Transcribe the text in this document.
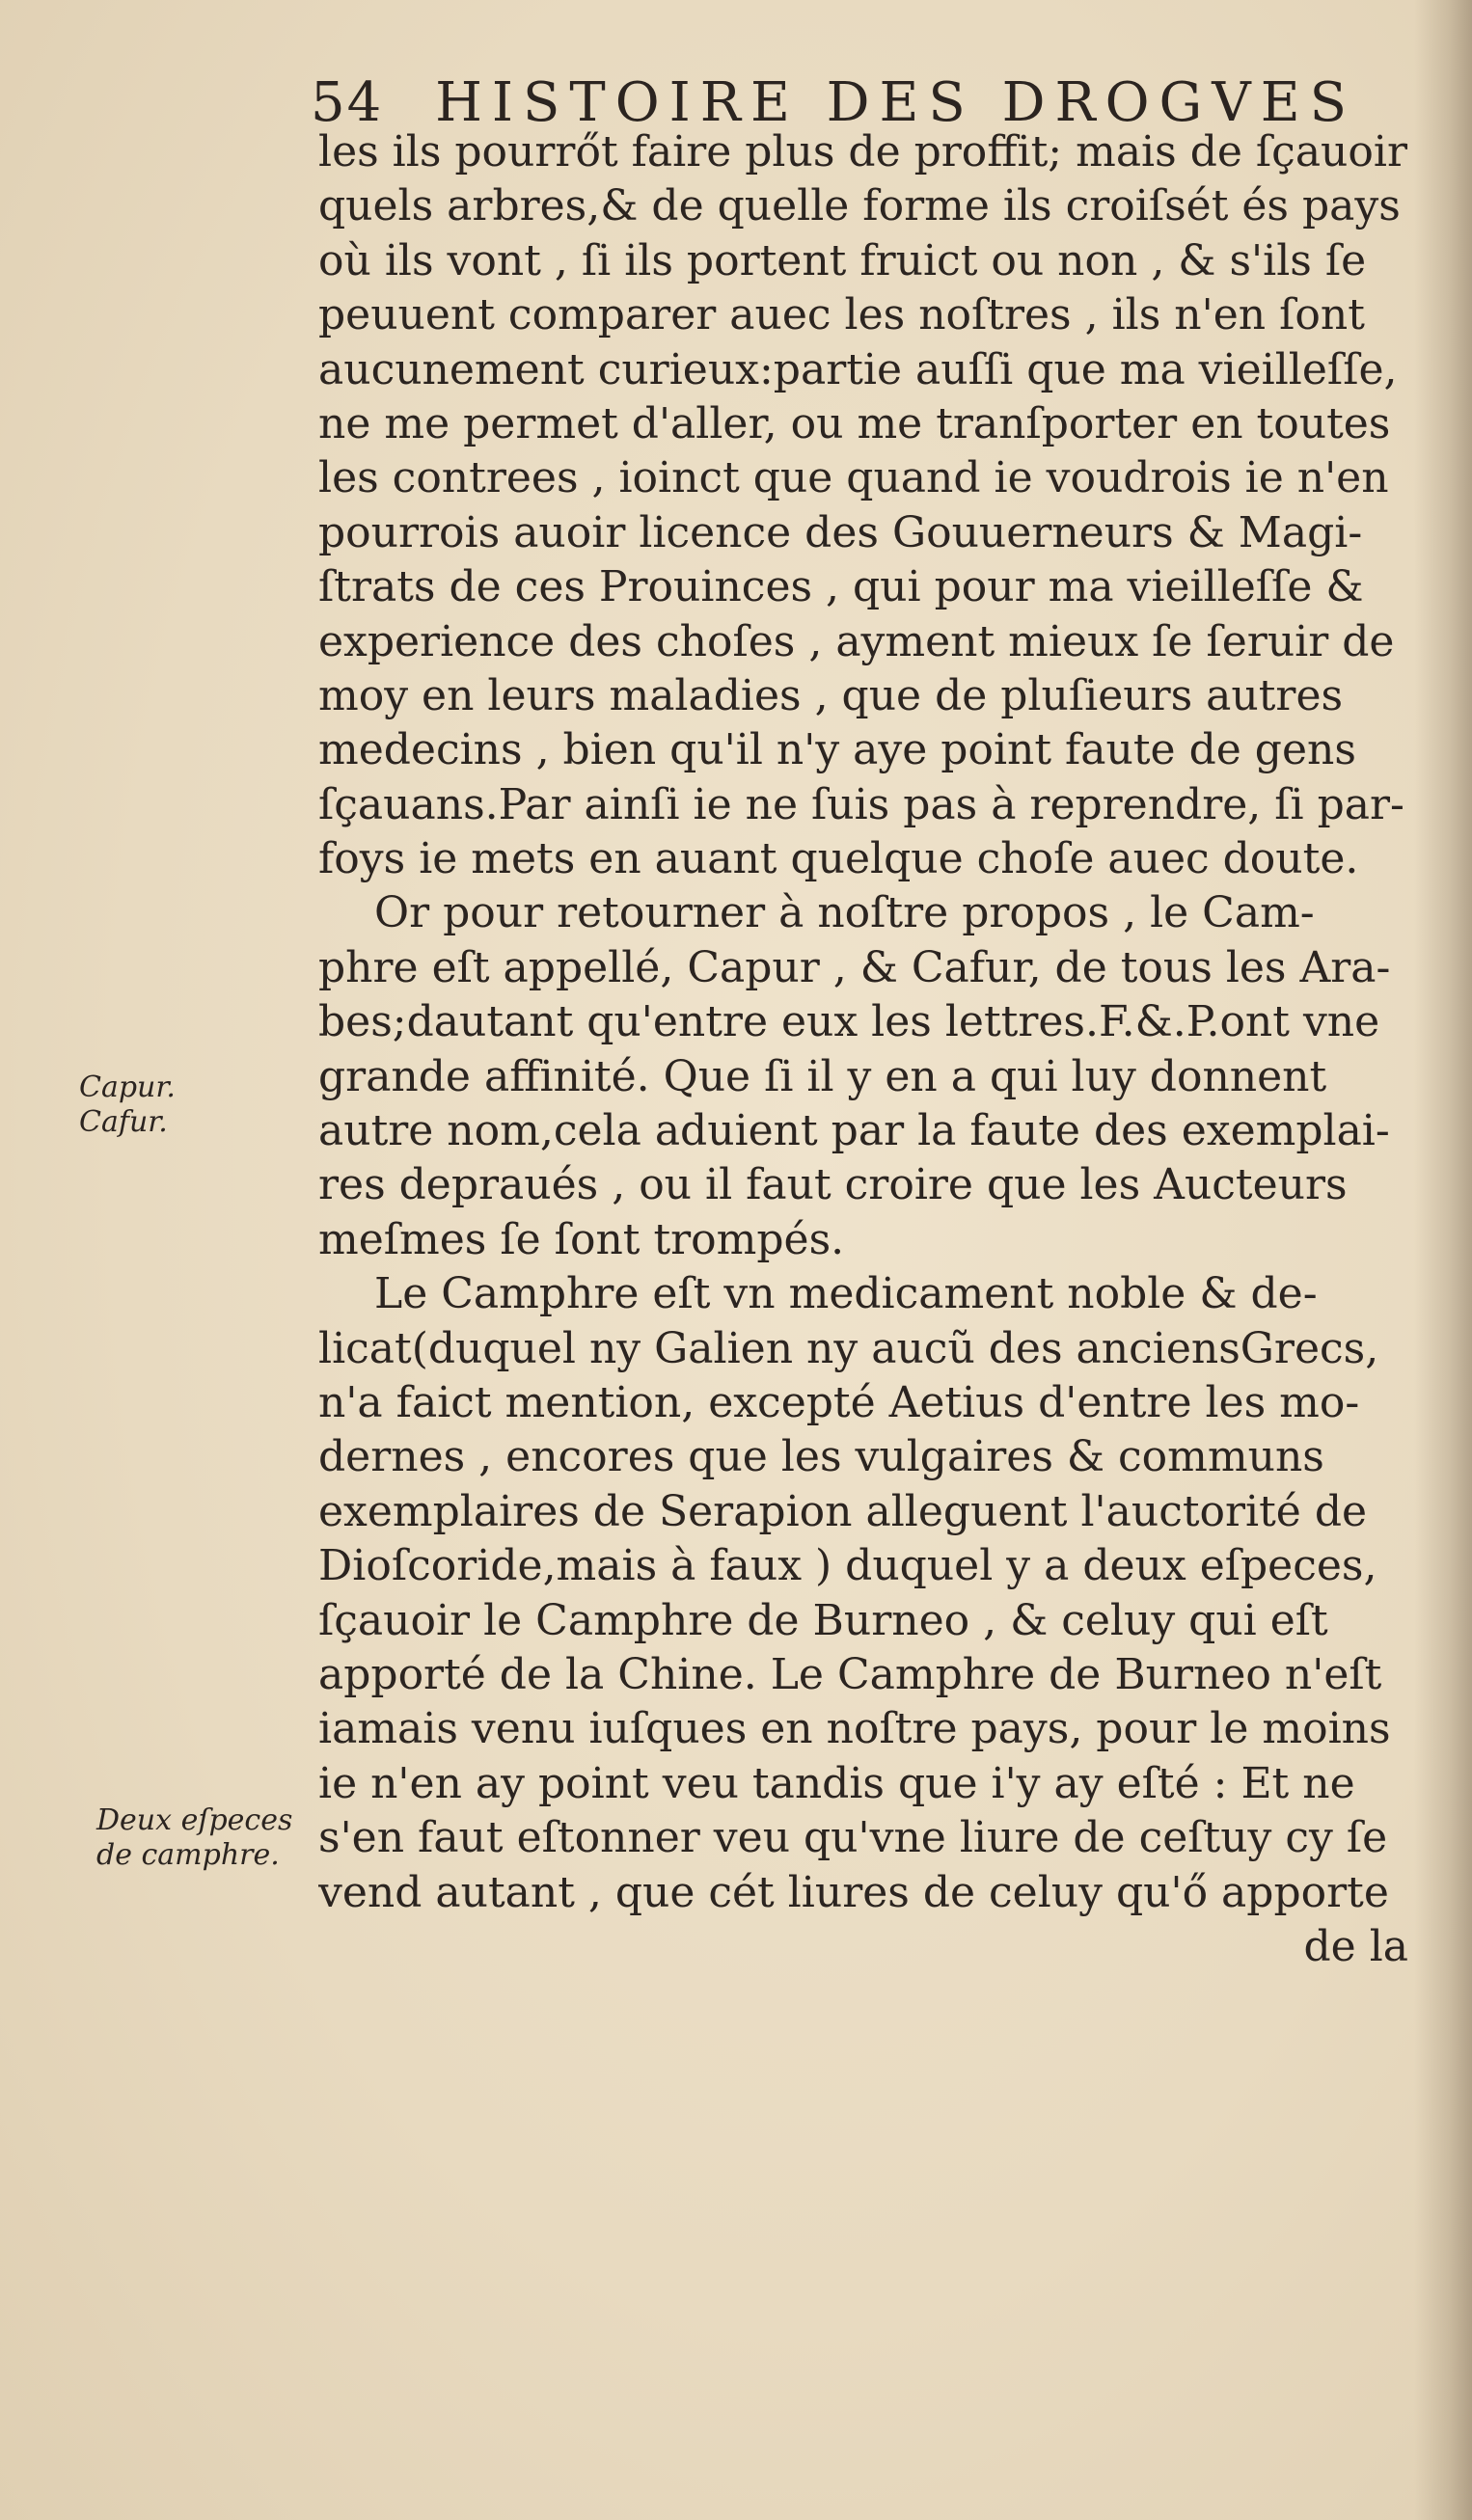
54 HISTOIRE DES DROGVES
Capur.
Cafur.
Deux eſpeces
de camphre.
les ils pourrőt faire plus de proffit; mais de ſçauoir
quels arbres,& de quelle forme ils croiſsét és pays
où ils vont , ſi ils portent fruict ou non , & s'ils ſe
peuuent comparer auec les noſtres , ils n'en ſont
aucunement curieux:partie auſſi que ma vieilleſſe,
ne me permet d'aller, ou me tranſporter en toutes
les contrees , ioinct que quand ie voudrois ie n'en
pourrois auoir licence des Gouuerneurs & Magi-
ſtrats de ces Prouinces , qui pour ma vieilleſſe &
experience des choſes , ayment mieux ſe ſeruir de
moy en leurs maladies , que de pluſieurs autres
medecins , bien qu'il n'y aye point faute de gens
ſçauans.Par ainſi ie ne ſuis pas à reprendre, ſi par-
foys ie mets en auant quelque choſe auec doute.
Or pour retourner à noſtre propos , le Cam-
phre eſt appellé, Capur , & Cafur, de tous les Ara-
bes;dautant qu'entre eux les lettres.F.&.P.ont vne
grande affinité. Que ſi il y en a qui luy donnent
autre nom,cela aduient par la faute des exemplai-
res depraués , ou il faut croire que les Aucteurs
meſmes ſe ſont trompés.
Le Camphre eſt vn medicament noble & de-
licat(duquel ny Galien ny aucũ des anciensGrecs,
n'a faict mention, excepté Aetius d'entre les mo-
dernes , encores que les vulgaires & communs
exemplaires de Serapion alleguent l'auctorité de
Dioſcoride,mais à faux ) duquel y a deux eſpeces,
ſçauoir le Camphre de Burneo , & celuy qui eſt
apporté de la Chine. Le Camphre de Burneo n'eſt
iamais venu iuſques en noſtre pays, pour le moins
ie n'en ay point veu tandis que i'y ay eſté : Et ne
s'en faut eſtonner veu qu'vne liure de ceſtuy cy ſe
vend autant , que cét liures de celuy qu'ő apporte
de la
